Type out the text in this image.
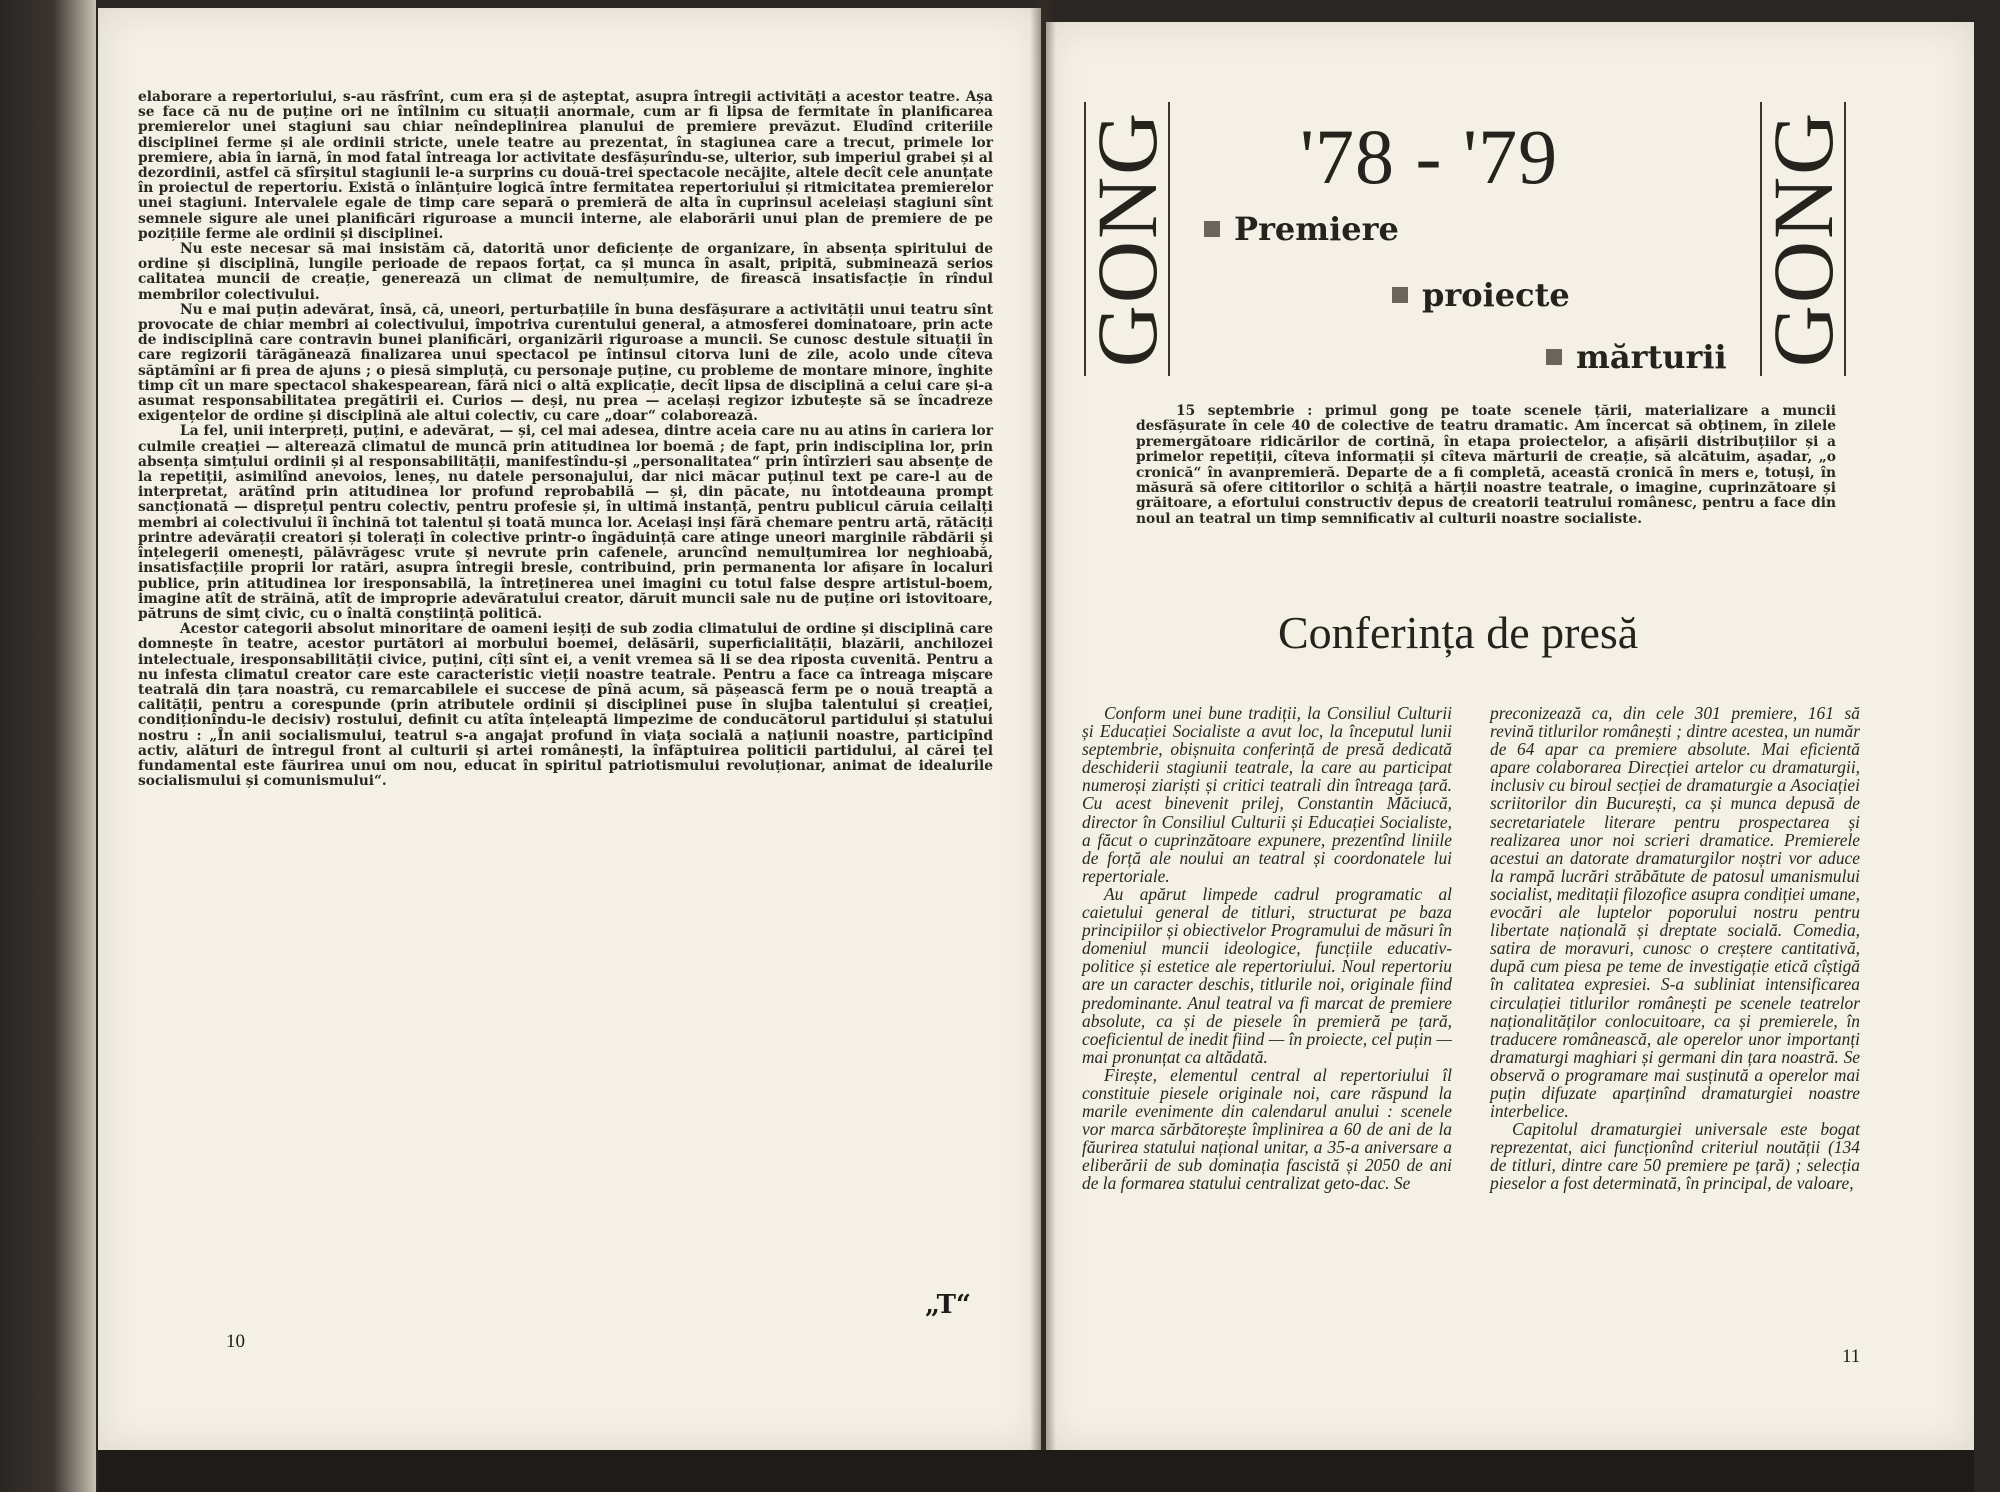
elaborare a repertoriului, s-au răsfrînt, cum era și de așteptat, asupra întregii activități a acestor teatre. Așa se face că nu de puține ori ne întîlnim cu situații anormale, cum ar fi lipsa de fermitate în planificarea premierelor unei stagiuni sau chiar neîndeplinirea planului de premiere prevăzut. Eludînd criteriile disciplinei ferme și ale ordinii stricte, unele teatre au prezentat, în stagiunea care a trecut, primele lor premiere, abia în iarnă, în mod fatal întreaga lor activitate desfășurîndu-se, ulterior, sub imperiul grabei și al dezordinii, astfel că sfîrșitul stagiunii le-a surprins cu două-trei spectacole necăjite, altele decît cele anunțate în proiectul de repertoriu. Există o înlănțuire logică între fermitatea repertoriului și ritmicitatea premierelor unei stagiuni. Intervalele egale de timp care separă o premieră de alta în cuprinsul aceleiași stagiuni sînt semnele sigure ale unei planificări riguroase a muncii interne, ale elaborării unui plan de premiere de pe pozițiile ferme ale ordinii și disciplinei.

Nu este necesar să mai insistăm că, datorită unor deficiențe de organizare, în absența spiritului de ordine și disciplină, lungile perioade de repaos forțat, ca și munca în asalt, pripită, subminează serios calitatea muncii de creație, generează un climat de nemulțumire, de firească insatisfacție în rîndul membrilor colectivului.

Nu e mai puțin adevărat, însă, că, uneori, perturbațiile în buna desfășurare a activității unui teatru sînt provocate de chiar membri ai colectivului, împotriva curentului general, a atmosferei dominatoare, prin acte de indisciplină care contravin bunei planificări, organizării riguroase a muncii. Se cunosc destule situații în care regizorii tărăgănează finalizarea unui spectacol pe întinsul citorva luni de zile, acolo unde cîteva săptămîni ar fi prea de ajuns ; o piesă simpluță, cu personaje puține, cu probleme de montare minore, înghite timp cît un mare spectacol shakespearean, fără nici o altă explicație, decît lipsa de disciplină a celui care și-a asumat responsabilitatea pregătirii ei. Curios — deși, nu prea — același regizor izbutește să se încadreze exigențelor de ordine și disciplină ale altui colectiv, cu care „doar“ colaborează.

La fel, unii interpreți, puțini, e adevărat, — și, cel mai adesea, dintre aceia care nu au atins în cariera lor culmile creației — alterează climatul de muncă prin atitudinea lor boemă ; de fapt, prin indisciplina lor, prin absența simțului ordinii și al responsabilității, manifestîndu-și „personalitatea“ prin întîrzieri sau absențe de la repetiții, asimilînd anevoios, leneș, nu datele personajului, dar nici măcar puținul text pe care-l au de interpretat, arătînd prin atitudinea lor profund reprobabilă — și, din păcate, nu întotdeauna prompt sancționată — disprețul pentru colectiv, pentru profesie și, în ultimă instanță, pentru publicul căruia ceilalți membri ai colectivului îi închină tot talentul și toată munca lor. Aceiași inși fără chemare pentru artă, rătăciți printre adevărații creatori și tolerați în colective printr-o îngăduință care atinge uneori marginile răbdării și înțelegerii omenești, pălăvrăgesc vrute și nevrute prin cafenele, aruncînd nemulțumirea lor neghioabă, insatisfacțiile proprii lor ratări, asupra întregii bresle, contribuind, prin permanenta lor afișare în localuri publice, prin atitudinea lor iresponsabilă, la întreținerea unei imagini cu totul false despre artistul-boem, imagine atît de străină, atît de improprie adevăratului creator, dăruit muncii sale nu de puține ori istovitoare, pătruns de simț civic, cu o înaltă conștiință politică.

Acestor categorii absolut minoritare de oameni ieșiți de sub zodia climatului de ordine și disciplină care domnește în teatre, acestor purtători ai morbului boemei, delăsării, superficialității, blazării, anchilozei intelectuale, iresponsabilității civice, puțini, cîți sînt ei, a venit vremea să li se dea riposta cuvenită. Pentru a nu infesta climatul creator care este caracteristic vieții noastre teatrale. Pentru a face ca întreaga mișcare teatrală din țara noastră, cu remarcabilele ei succese de pînă acum, să pășească ferm pe o nouă treaptă a calității, pentru a corespunde (prin atributele ordinii și disciplinei puse în slujba talentului și creației, condiționîndu-le decisiv) rostului, definit cu atîta înțeleaptă limpezime de conducătorul partidului și statului nostru : „În anii socialismului, teatrul s-a angajat profund în viața socială a națiunii noastre, participînd activ, alături de întregul front al culturii și artei românești, la înfăptuirea politicii partidului, al cărei țel fundamental este făurirea unui om nou, educat în spiritul patriotismului revoluționar, animat de idealurile socialismului și comunismului“.

„T“
10
GONG	GONG
'78 - '79
Premiere
proiecte
mărturii
15 septembrie : primul gong pe toate scenele țării, materializare a muncii desfășurate în cele 40 de colective de teatru dramatic. Am încercat să obținem, în zilele premergătoare ridicărilor de cortină, în etapa proiectelor, a afișării distribuțiilor și a primelor repetiții, cîteva informații și cîteva mărturii de creație, să alcătuim, așadar, „o cronică“ în avanpremieră. Departe de a fi completă, această cronică în mers e, totuși, în măsură să ofere cititorilor o schiță a hărții noastre teatrale, o imagine, cuprinzătoare și grăitoare, a efortului constructiv depus de creatorii teatrului românesc, pentru a face din noul an teatral un timp semnificativ al culturii noastre socialiste.
Conferința de presă

Conform unei bune tradiții, la Consiliul Culturii și Educației Socialiste a avut loc, la începutul lunii septembrie, obișnuita conferință de presă dedicată deschiderii stagiunii teatrale, la care au participat numeroși ziariști și critici teatrali din întreaga țară. Cu acest binevenit prilej, Constantin Măciucă, director în Consiliul Culturii și Educației Socialiste, a făcut o cuprinzătoare expunere, prezentînd liniile de forță ale noului an teatral și coordonatele lui repertoriale.

Au apărut limpede cadrul programatic al caietului general de titluri, structurat pe baza principiilor și obiectivelor Programului de măsuri în domeniul muncii ideologice, funcțiile educativ-politice și estetice ale repertoriului. Noul repertoriu are un caracter deschis, titlurile noi, originale fiind predominante. Anul teatral va fi marcat de premiere absolute, ca și de piesele în premieră pe țară, coeficientul de inedit fiind — în proiecte, cel puțin — mai pronunțat ca altădată.

Firește, elementul central al repertoriului îl constituie piesele originale noi, care răspund la marile evenimente din calendarul anului : scenele vor marca sărbătorește împlinirea a 60 de ani de la făurirea statului național unitar, a 35-a aniversare a eliberării de sub dominația fascistă și 2050 de ani de la formarea statului centralizat geto-dac. Se

preconizează ca, din cele 301 premiere, 161 să revină titlurilor românești ; dintre acestea, un număr de 64 apar ca premiere absolute. Mai eficientă apare colaborarea Direcției artelor cu dramaturgii, inclusiv cu biroul secției de dramaturgie a Asociației scriitorilor din București, ca și munca depusă de secretariatele literare pentru prospectarea și realizarea unor noi scrieri dramatice. Premierele acestui an datorate dramaturgilor noștri vor aduce la rampă lucrări străbătute de patosul umanismului socialist, meditații filozofice asupra condiției umane, evocări ale luptelor poporului nostru pentru libertate națională și dreptate socială. Comedia, satira de moravuri, cunosc o creștere cantitativă, după cum piesa pe teme de investigație etică cîștigă în calitatea expresiei. S-a subliniat intensificarea circulației titlurilor românești pe scenele teatrelor naționalităților conlocuitoare, ca și premierele, în traducere românească, ale operelor unor importanți dramaturgi maghiari și germani din țara noastră. Se observă o programare mai susținută a operelor mai puțin difuzate aparținînd dramaturgiei noastre interbelice.

Capitolul dramaturgiei universale este bogat reprezentat, aici funcționînd criteriul noutății (134 de titluri, dintre care 50 premiere pe țară) ; selecția pieselor a fost determinată, în principal, de valoare,

11
